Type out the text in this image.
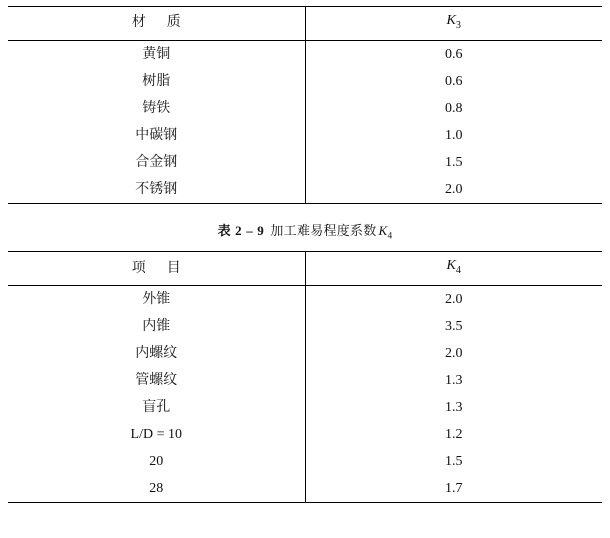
材　质	$K_3$
黄铜	0.6
树脂	0.6
铸铁	0.8
中碳钢	1.0
合金钢	1.5
不锈钢	2.0

表 2 – 9 加工难易程度系数 $K_4$

项　目	$K_4$
外锥	2.0
内锥	3.5
内螺纹	2.0
管螺纹	1.3
盲孔	1.3
L/D = 10	1.2
20	1.5
28	1.7
